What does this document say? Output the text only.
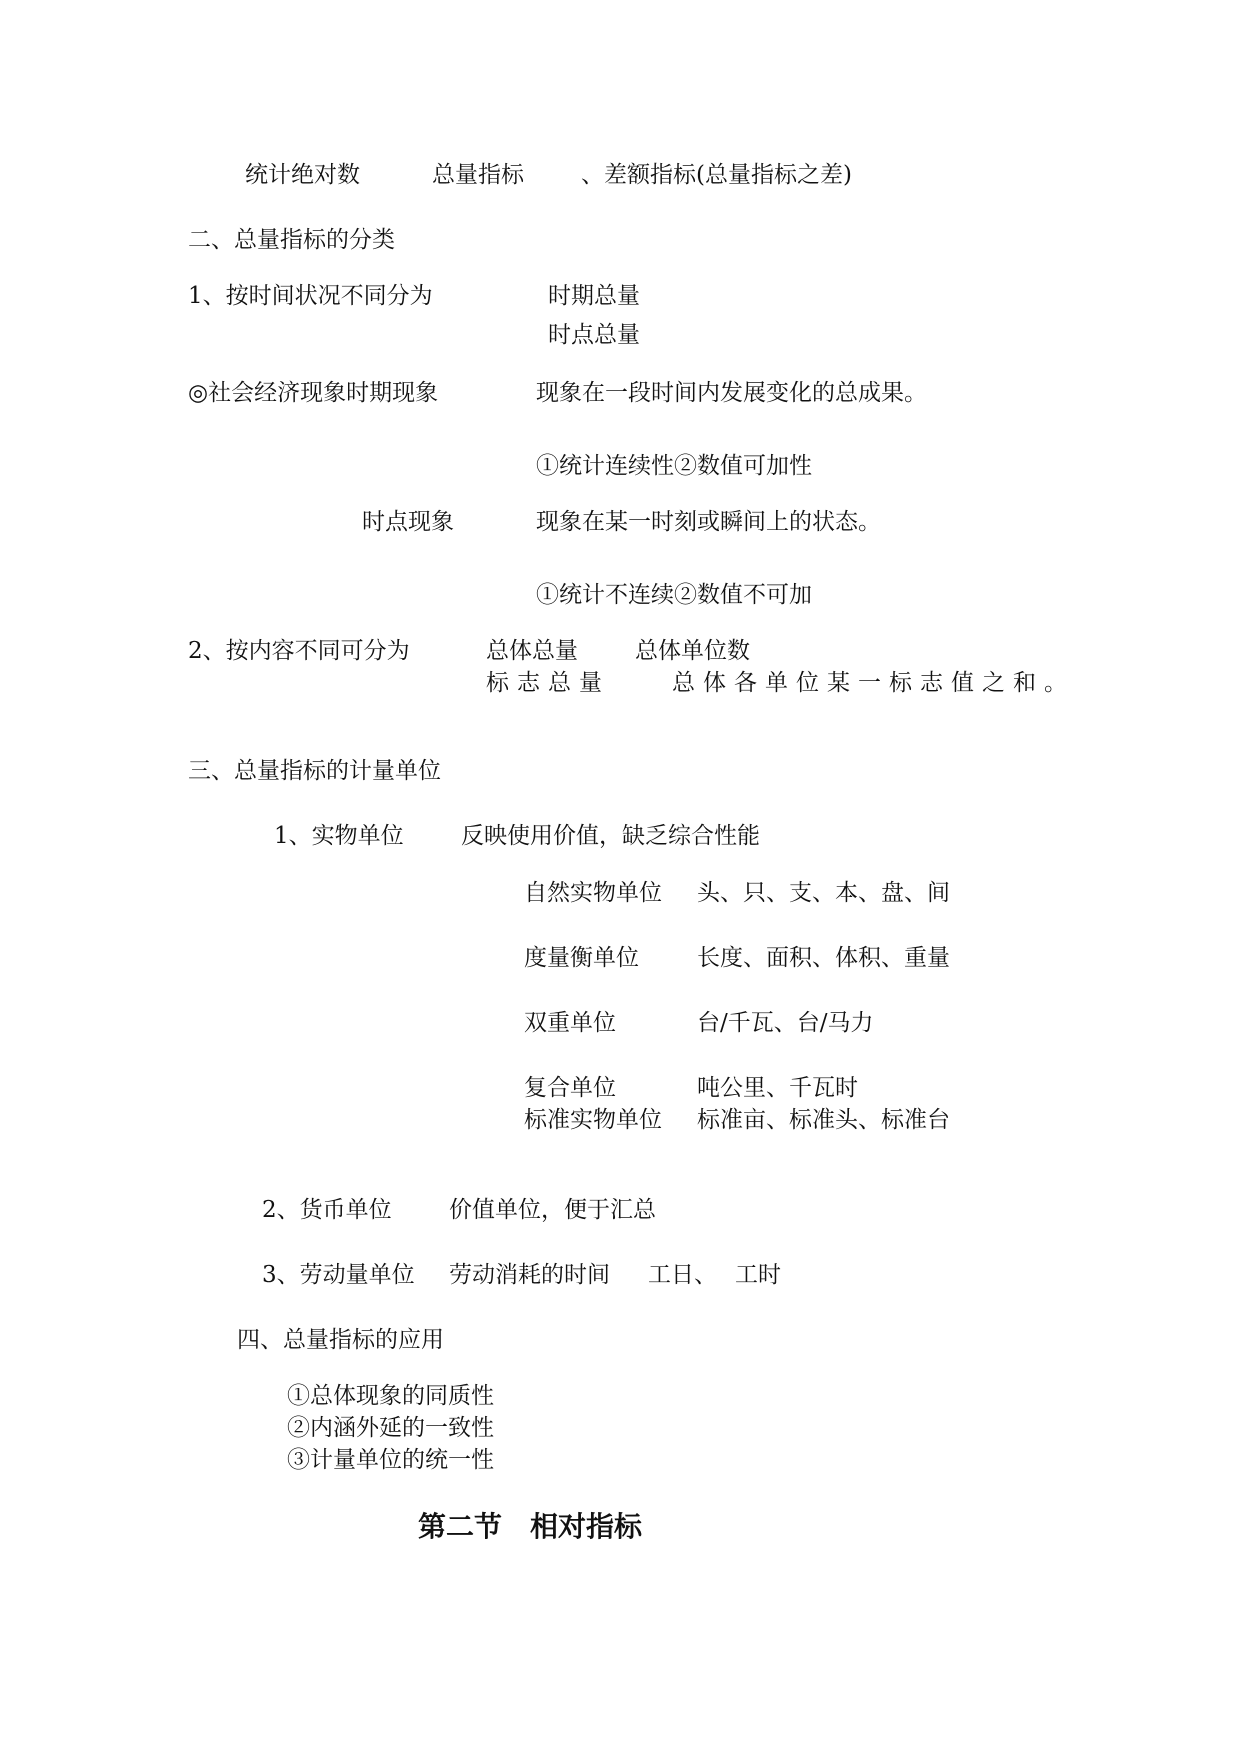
统计绝对数	总量指标 、差额指标(总量指标之差)
二、总量指标的分类
1、按时间状况不同分为	时期总量
时点总量
◎社会经济现象时期现象	现象在一段时间内发展变化的总成果。
①统计连续性②数值可加性
时点现象	现象在某一时刻或瞬间上的状态。
①统计不连续②数值不可加
2、按内容不同可分为	总体总量 总体单位数
标志总量	总体各单位某一标志值之和。
三、总量指标的计量单位
1、实物单位 反映使用价值，缺乏综合性能
自然实物单位 头、只、支、本、盘、间
度量衡单位	长度、面积、体积、重量
双重单位	台/千瓦、台/马力
复合单位	吨公里、千瓦时
标准实物单位 标准亩、标准头、标准台
2、货币单位 价值单位，便于汇总
3、劳动量单位 劳动消耗的时间 工日、 工时
四、总量指标的应用
①总体现象的同质性
②内涵外延的一致性
③计量单位的统一性
第二节　相对指标
